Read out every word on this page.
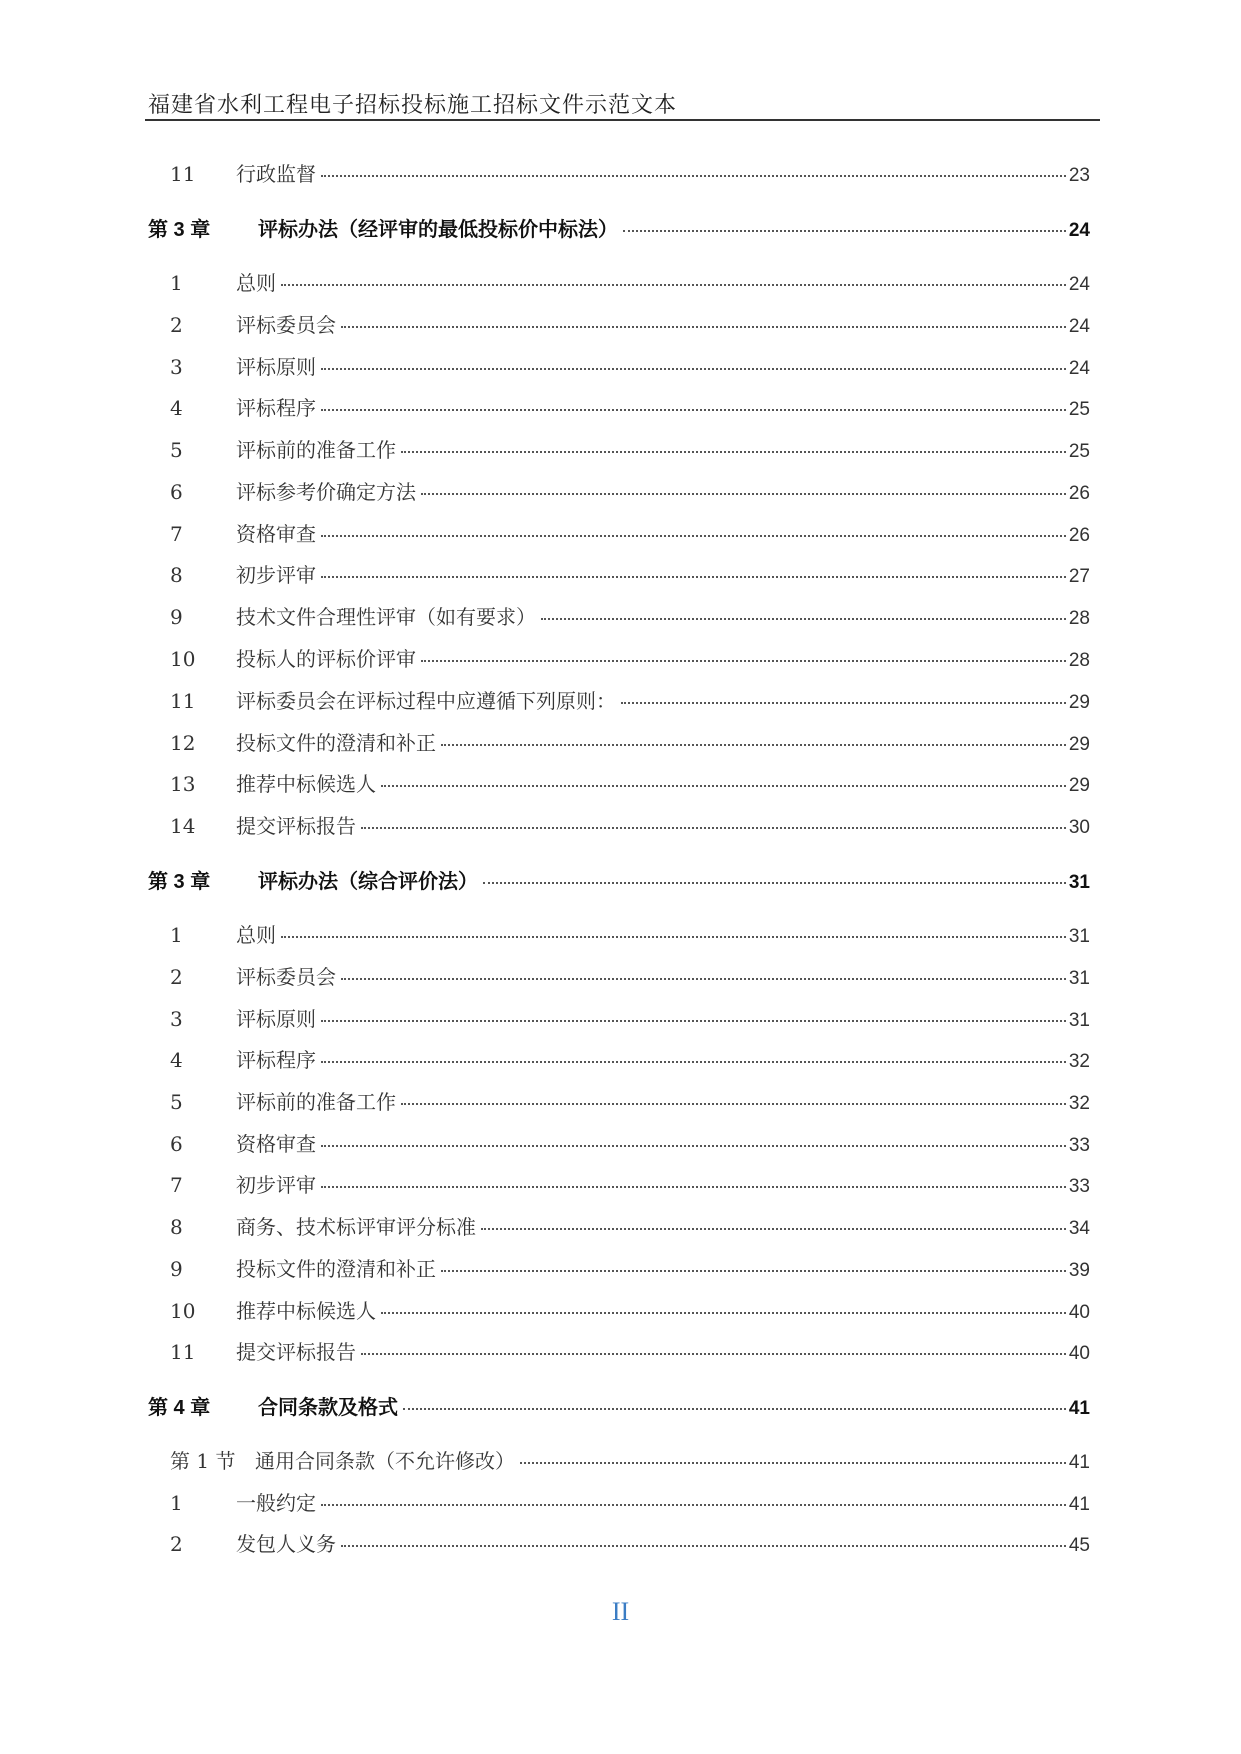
福建省水利工程电子招标投标施工招标文件示范文本
11	行政监督	23
第 3 章	评标办法（经评审的最低投标价中标法）	24
1	总则	24
2	评标委员会	24
3	评标原则	24
4	评标程序	25
5	评标前的准备工作	25
6	评标参考价确定方法	26
7	资格审查	26
8	初步评审	27
9	技术文件合理性评审（如有要求）	28
10	投标人的评标价评审	28
11	评标委员会在评标过程中应遵循下列原则：	29
12	投标文件的澄清和补正	29
13	推荐中标候选人	29
14	提交评标报告	30
第 3 章	评标办法（综合评价法）	31
1	总则	31
2	评标委员会	31
3	评标原则	31
4	评标程序	32
5	评标前的准备工作	32
6	资格审查	33
7	初步评审	33
8	商务、技术标评审评分标准	34
9	投标文件的澄清和补正	39
10	推荐中标候选人	40
11	提交评标报告	40
第 4 章	合同条款及格式	41
第 1 节 通用合同条款（不允许修改）	41
1	一般约定	41
2	发包人义务	45
II
